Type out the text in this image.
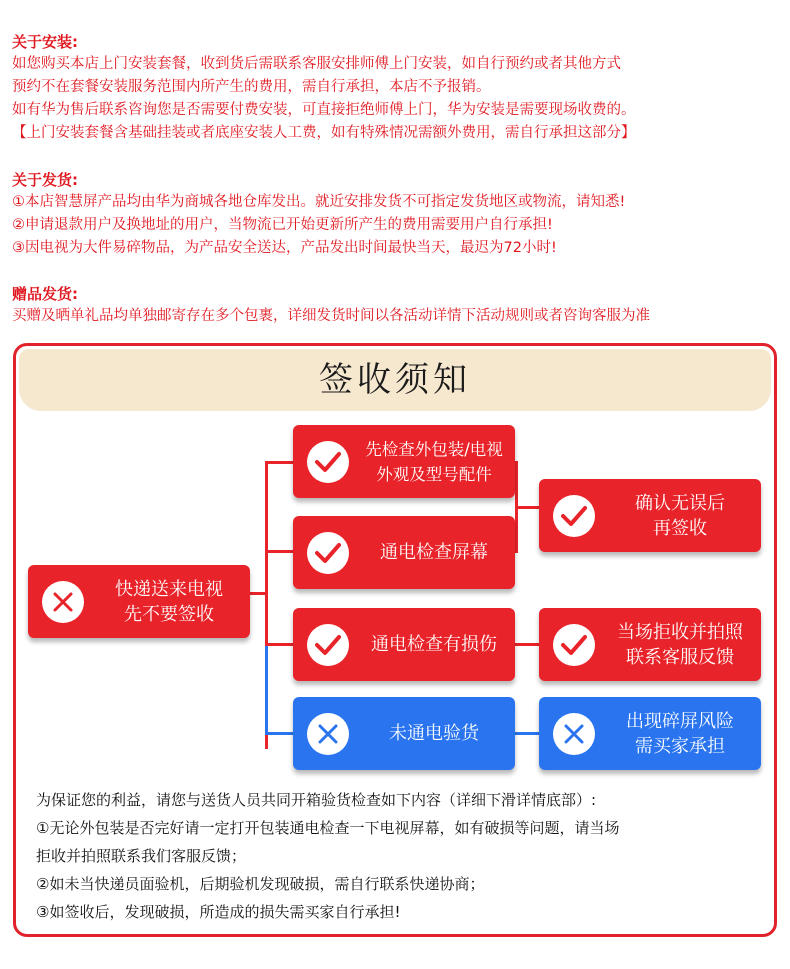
关于安装:
如您购买本店上门安装套餐，收到货后需联系客服安排师傅上门安装，如自行预约或者其他方式
预约不在套餐安装服务范围内所产生的费用，需自行承担，本店不予报销。
如有华为售后联系咨询您是否需要付费安装，可直接拒绝师傅上门，华为安装是需要现场收费的。
【上门安装套餐含基础挂装或者底座安装人工费，如有特殊情况需额外费用，需自行承担这部分】
关于发货:
①本店智慧屏产品均由华为商城各地仓库发出。就近安排发货不可指定发货地区或物流，请知悉!
②申请退款用户及换地址的用户，当物流已开始更新所产生的费用需要用户自行承担!
③因电视为大件易碎物品，为产品安全送达，产品发出时间最快当天，最迟为72小时!
赠品发货:
买赠及晒单礼品均单独邮寄存在多个包裹，详细发货时间以各活动详情下活动规则或者咨询客服为准
签收须知
快递送来电视
先不要签收
先检查外包装/电视
外观及型号配件
通电检查屏幕
确认无误后
再签收
通电检查有损伤
当场拒收并拍照
联系客服反馈
未通电验货
出现碎屏风险
需买家承担
为保证您的利益，请您与送货人员共同开箱验货检查如下内容（详细下滑详情底部）:
①无论外包装是否完好请一定打开包装通电检查一下电视屏幕，如有破损等问题，请当场
拒收并拍照联系我们客服反馈；
②如未当快递员面验机，后期验机发现破损，需自行联系快递协商；
③如签收后，发现破损，所造成的损失需买家自行承担!
